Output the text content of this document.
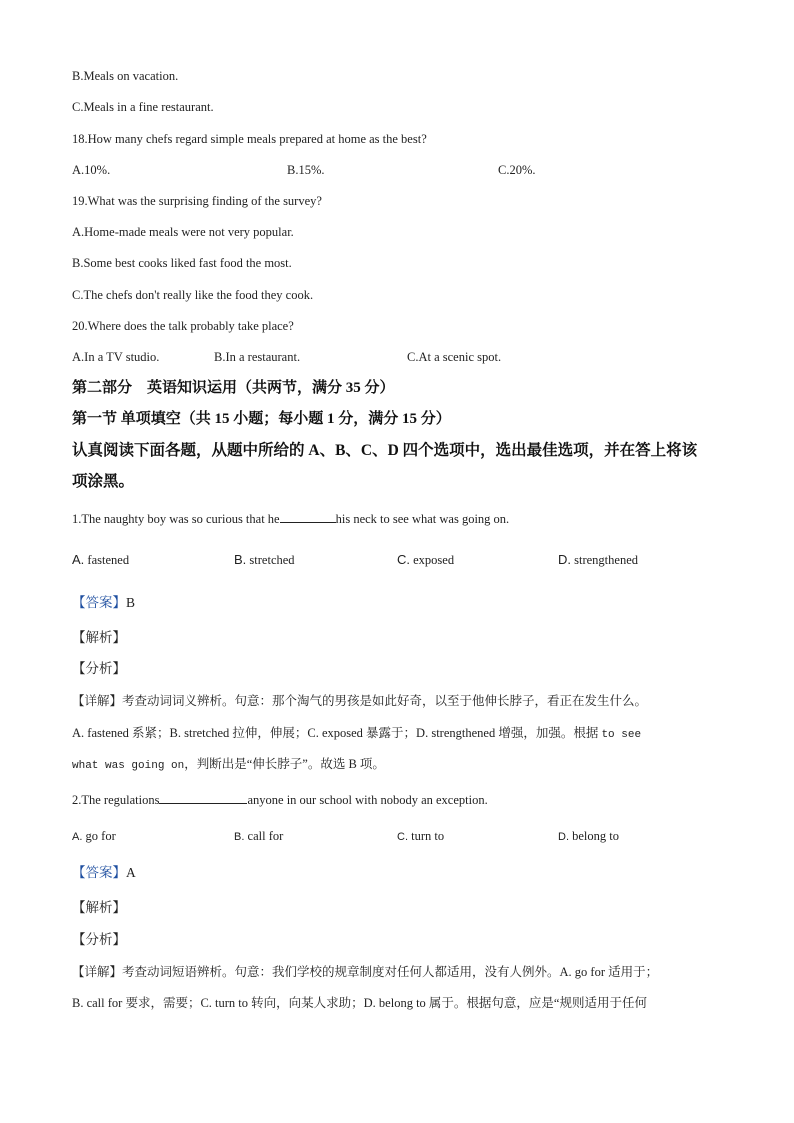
B.Meals on vacation.
C.Meals in a fine restaurant.
18.How many chefs regard simple meals prepared at home as the best?
A.10%.	B.15%.	C.20%.
19.What was the surprising finding of the survey?
A.Home-made meals were not very popular.
B.Some best cooks liked fast food the most.
C.The chefs don't really like the food they cook.
20.Where does the talk probably take place?
A.In a TV studio.	B.In a restaurant.	C.At a scenic spot.
第二部分　英语知识运用（共两节，满分 35 分）
第一节 单项填空（共 15 小题；每小题 1 分，满分 15 分）
认真阅读下面各题，从题中所给的 A、B、C、D 四个选项中，选出最佳选项，并在答上将该
项涂黑。
1.The naughty boy was so curious that he	his neck to see what was going on.
A. fastened	B. stretched	C. exposed	D. strengthened
【答案】B
【解析】
【分析】
【详解】考查动词词义辨析。句意：那个淘气的男孩是如此好奇，以至于他伸长脖子，看正在发生什么。
A. fastened 系紧；B. stretched 拉伸，伸展；C. exposed 暴露于；D. strengthened 增强，加强。根据 to see
what was going on，判断出是“伸长脖子”。故选 B 项。
2.The regulations	anyone in our school with nobody an exception.
A. go for	B. call for	C. turn to	D. belong to
【答案】A
【解析】
【分析】
【详解】考查动词短语辨析。句意：我们学校的规章制度对任何人都适用，没有人例外。A. go for 适用于；
B. call for 要求，需要；C. turn to 转向，向某人求助；D. belong to 属于。根据句意，应是“规则适用于任何
